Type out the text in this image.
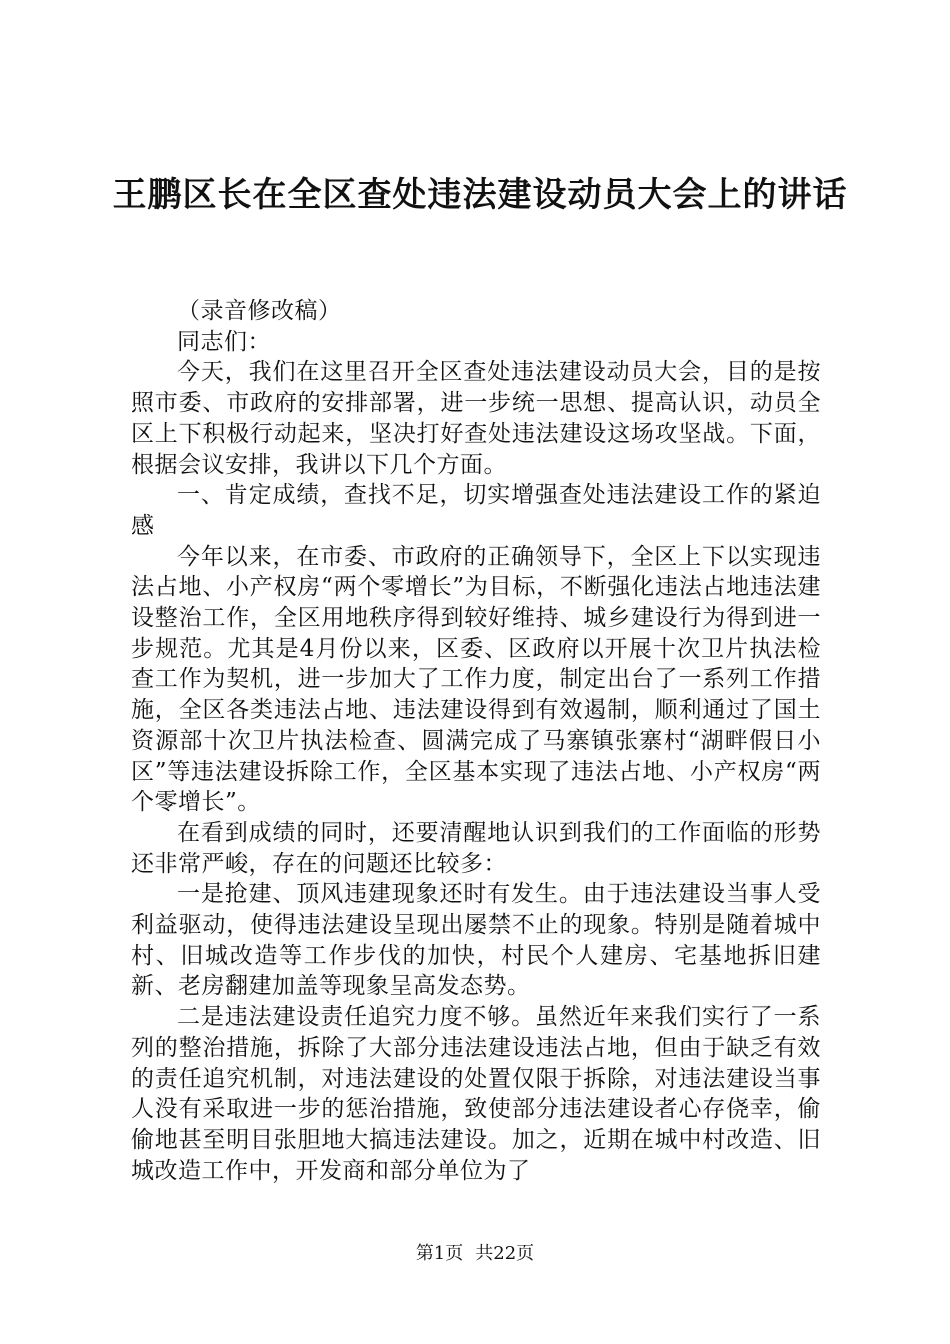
王鹏区长在全区查处违法建设动员大会上的讲话

（录音修改稿）

同志们：

今天，我们在这里召开全区查处违法建设动员大会，目的是按照市委、市政府的安排部署，进一步统一思想、提高认识，动员全区上下积极行动起来，坚决打好查处违法建设这场攻坚战。下面，根据会议安排，我讲以下几个方面。

一、肯定成绩，查找不足，切实增强查处违法建设工作的紧迫感

今年以来，在市委、市政府的正确领导下，全区上下以实现违法占地、小产权房“两个零增长”为目标，不断强化违法占地违法建设整治工作，全区用地秩序得到较好维持、城乡建设行为得到进一步规范。尤其是4月份以来，区委、区政府以开展十次卫片执法检查工作为契机，进一步加大了工作力度，制定出台了一系列工作措施，全区各类违法占地、违法建设得到有效遏制，顺利通过了国土资源部十次卫片执法检查、圆满完成了马寨镇张寨村“湖畔假日小区”等违法建设拆除工作，全区基本实现了违法占地、小产权房“两个零增长”。

在看到成绩的同时，还要清醒地认识到我们的工作面临的形势还非常严峻，存在的问题还比较多：

一是抢建、顶风违建现象还时有发生。由于违法建设当事人受利益驱动，使得违法建设呈现出屡禁不止的现象。特别是随着城中村、旧城改造等工作步伐的加快，村民个人建房、宅基地拆旧建新、老房翻建加盖等现象呈高发态势。

二是违法建设责任追究力度不够。虽然近年来我们实行了一系列的整治措施，拆除了大部分违法建设违法占地，但由于缺乏有效的责任追究机制，对违法建设的处置仅限于拆除，对违法建设当事人没有采取进一步的惩治措施，致使部分违法建设者心存侥幸，偷偷地甚至明目张胆地大搞违法建设。加之，近期在城中村改造、旧城改造工作中，开发商和部分单位为了

第1页 共22页
